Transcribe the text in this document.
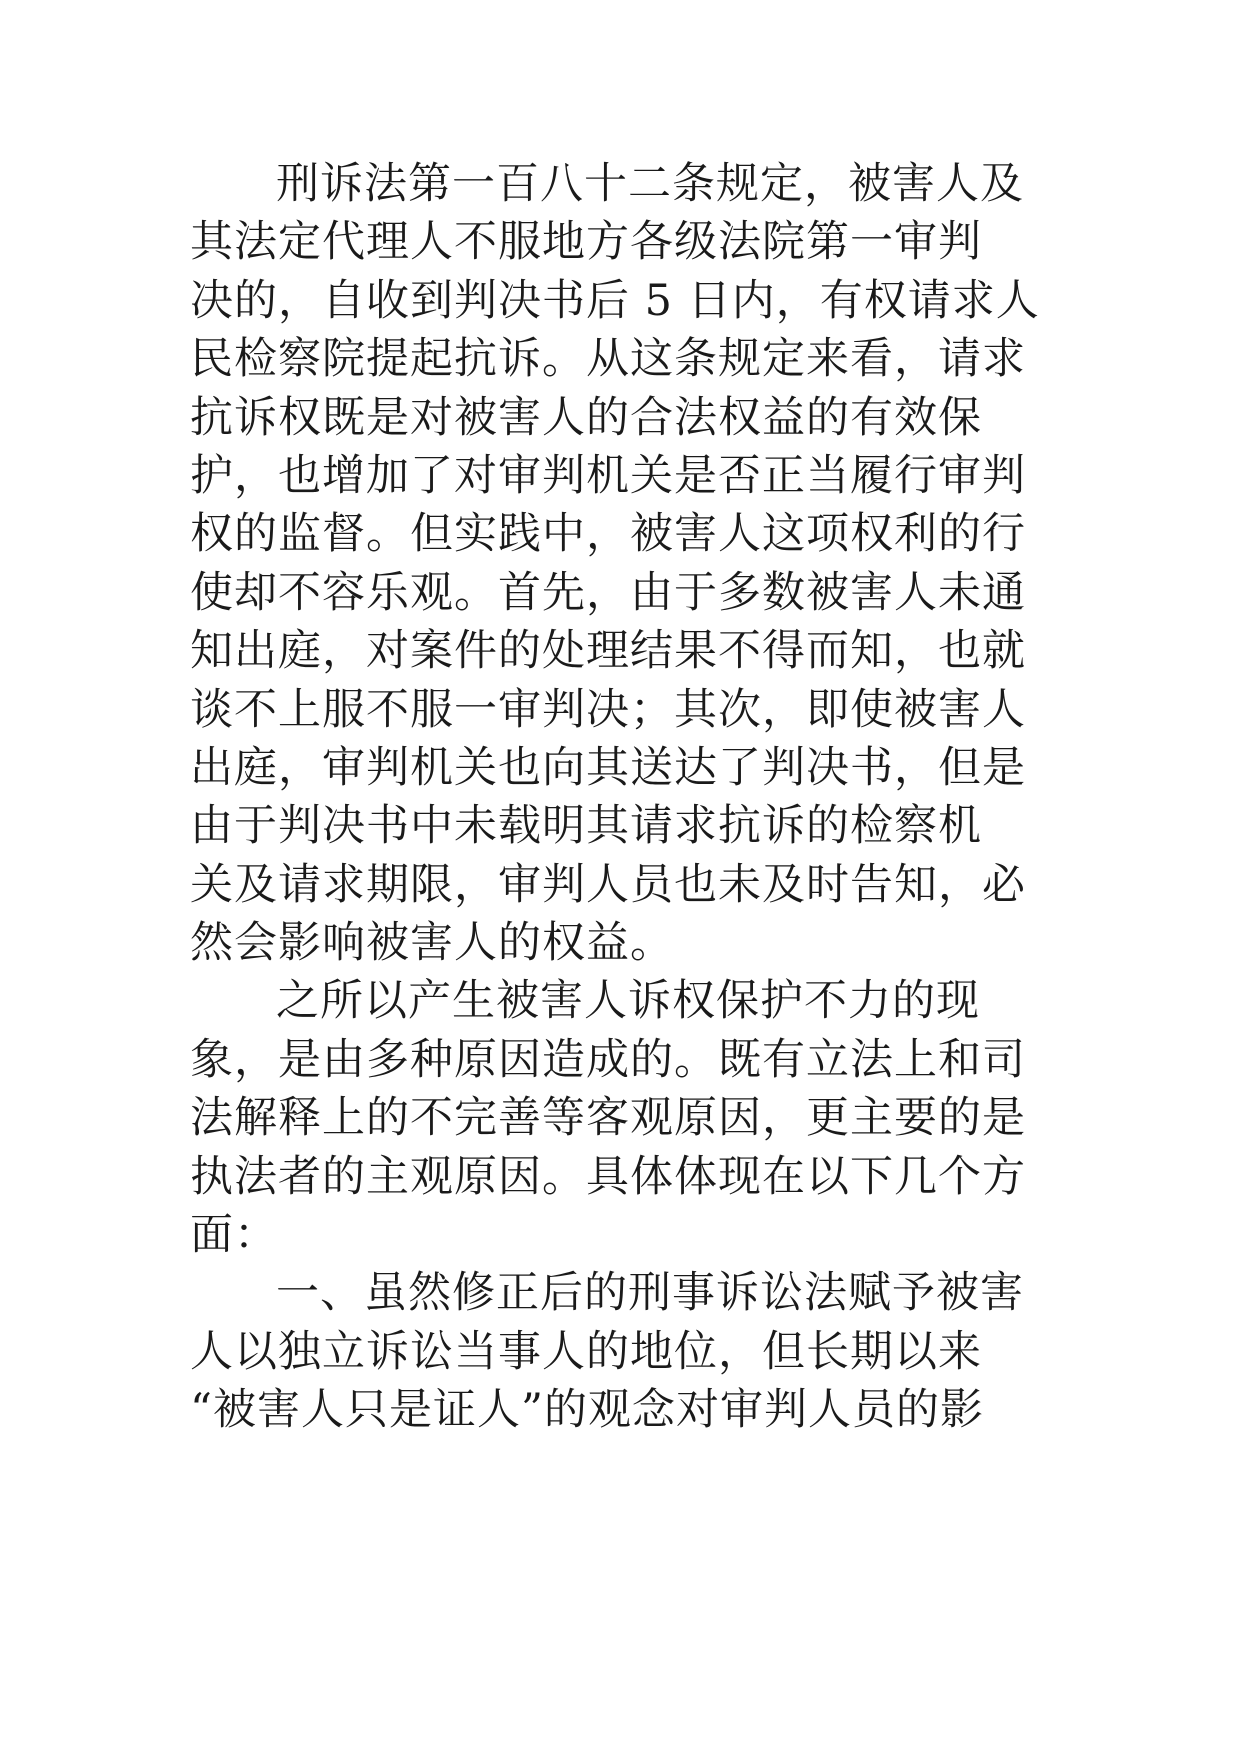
刑诉法第一百八十二条规定，被害人及
其法定代理人不服地方各级法院第一审判
决的，自收到判决书后 5 日内，有权请求人
民检察院提起抗诉。从这条规定来看，请求
抗诉权既是对被害人的合法权益的有效保
护，也增加了对审判机关是否正当履行审判
权的监督。但实践中，被害人这项权利的行
使却不容乐观。首先，由于多数被害人未通
知出庭，对案件的处理结果不得而知，也就
谈不上服不服一审判决；其次，即使被害人
出庭，审判机关也向其送达了判决书，但是
由于判决书中未载明其请求抗诉的检察机
关及请求期限，审判人员也未及时告知，必
然会影响被害人的权益。
之所以产生被害人诉权保护不力的现
象，是由多种原因造成的。既有立法上和司
法解释上的不完善等客观原因，更主要的是
执法者的主观原因。具体体现在以下几个方
面：
一、虽然修正后的刑事诉讼法赋予被害
人以独立诉讼当事人的地位，但长期以来
“被害人只是证人”的观念对审判人员的影
